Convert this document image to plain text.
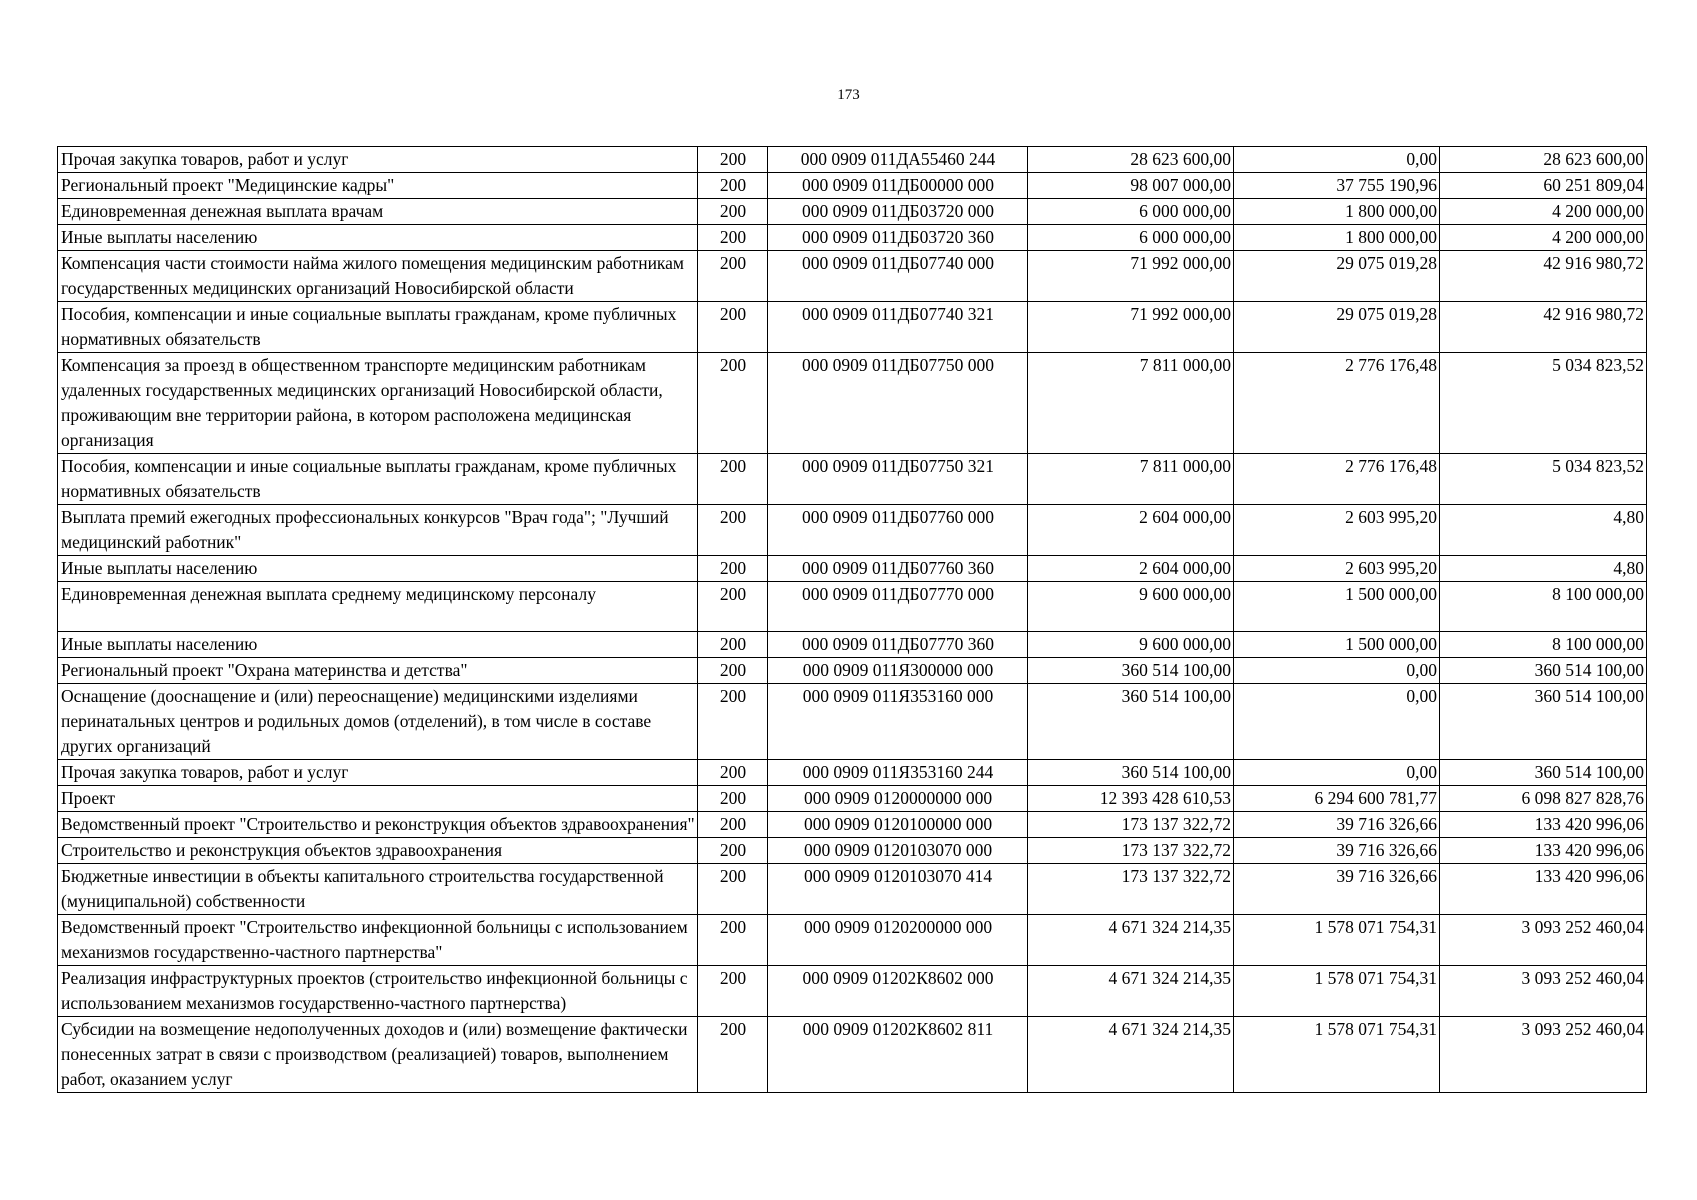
173
Прочая закупка товаров, работ и услуг	200	000 0909 011ДА55460 244	28 623 600,00	0,00	28 623 600,00
Региональный проект "Медицинские кадры"	200	000 0909 011ДБ00000 000	98 007 000,00	37 755 190,96	60 251 809,04
Единовременная денежная выплата врачам	200	000 0909 011ДБ03720 000	6 000 000,00	1 800 000,00	4 200 000,00
Иные выплаты населению	200	000 0909 011ДБ03720 360	6 000 000,00	1 800 000,00	4 200 000,00
Компенсация части стоимости найма жилого помещения медицинским работникам государственных медицинских организаций Новосибирской области	200	000 0909 011ДБ07740 000	71 992 000,00	29 075 019,28	42 916 980,72
Пособия, компенсации и иные социальные выплаты гражданам, кроме публичных нормативных обязательств	200	000 0909 011ДБ07740 321	71 992 000,00	29 075 019,28	42 916 980,72
Компенсация за проезд в общественном транспорте медицинским работникам удаленных государственных медицинских организаций Новосибирской области, проживающим вне территории района, в котором расположена медицинская организация	200	000 0909 011ДБ07750 000	7 811 000,00	2 776 176,48	5 034 823,52
Пособия, компенсации и иные социальные выплаты гражданам, кроме публичных нормативных обязательств	200	000 0909 011ДБ07750 321	7 811 000,00	2 776 176,48	5 034 823,52
Выплата премий ежегодных профессиональных конкурсов "Врач года"; "Лучший медицинский работник"	200	000 0909 011ДБ07760 000	2 604 000,00	2 603 995,20	4,80
Иные выплаты населению	200	000 0909 011ДБ07760 360	2 604 000,00	2 603 995,20	4,80
Единовременная денежная выплата среднему медицинскому персоналу	200	000 0909 011ДБ07770 000	9 600 000,00	1 500 000,00	8 100 000,00
Иные выплаты населению	200	000 0909 011ДБ07770 360	9 600 000,00	1 500 000,00	8 100 000,00
Региональный проект "Охрана материнства и детства"	200	000 0909 011Я300000 000	360 514 100,00	0,00	360 514 100,00
Оснащение (дооснащение и (или) переоснащение) медицинскими изделиями перинатальных центров и родильных домов (отделений), в том числе в составе других организаций	200	000 0909 011Я353160 000	360 514 100,00	0,00	360 514 100,00
Прочая закупка товаров, работ и услуг	200	000 0909 011Я353160 244	360 514 100,00	0,00	360 514 100,00
Проект	200	000 0909 0120000000 000	12 393 428 610,53	6 294 600 781,77	6 098 827 828,76
Ведомственный проект "Строительство и реконструкция объектов здравоохранения"	200	000 0909 0120100000 000	173 137 322,72	39 716 326,66	133 420 996,06
Строительство и реконструкция объектов здравоохранения	200	000 0909 0120103070 000	173 137 322,72	39 716 326,66	133 420 996,06
Бюджетные инвестиции в объекты капитального строительства государственной (муниципальной) собственности	200	000 0909 0120103070 414	173 137 322,72	39 716 326,66	133 420 996,06
Ведомственный проект "Строительство инфекционной больницы с использованием механизмов государственно-частного партнерства"	200	000 0909 0120200000 000	4 671 324 214,35	1 578 071 754,31	3 093 252 460,04
Реализация инфраструктурных проектов (строительство инфекционной больницы с использованием механизмов государственно-частного партнерства)	200	000 0909 01202К8602 000	4 671 324 214,35	1 578 071 754,31	3 093 252 460,04
Субсидии на возмещение недополученных доходов и (или) возмещение фактически понесенных затрат в связи с производством (реализацией) товаров, выполнением работ, оказанием услуг	200	000 0909 01202К8602 811	4 671 324 214,35	1 578 071 754,31	3 093 252 460,04
